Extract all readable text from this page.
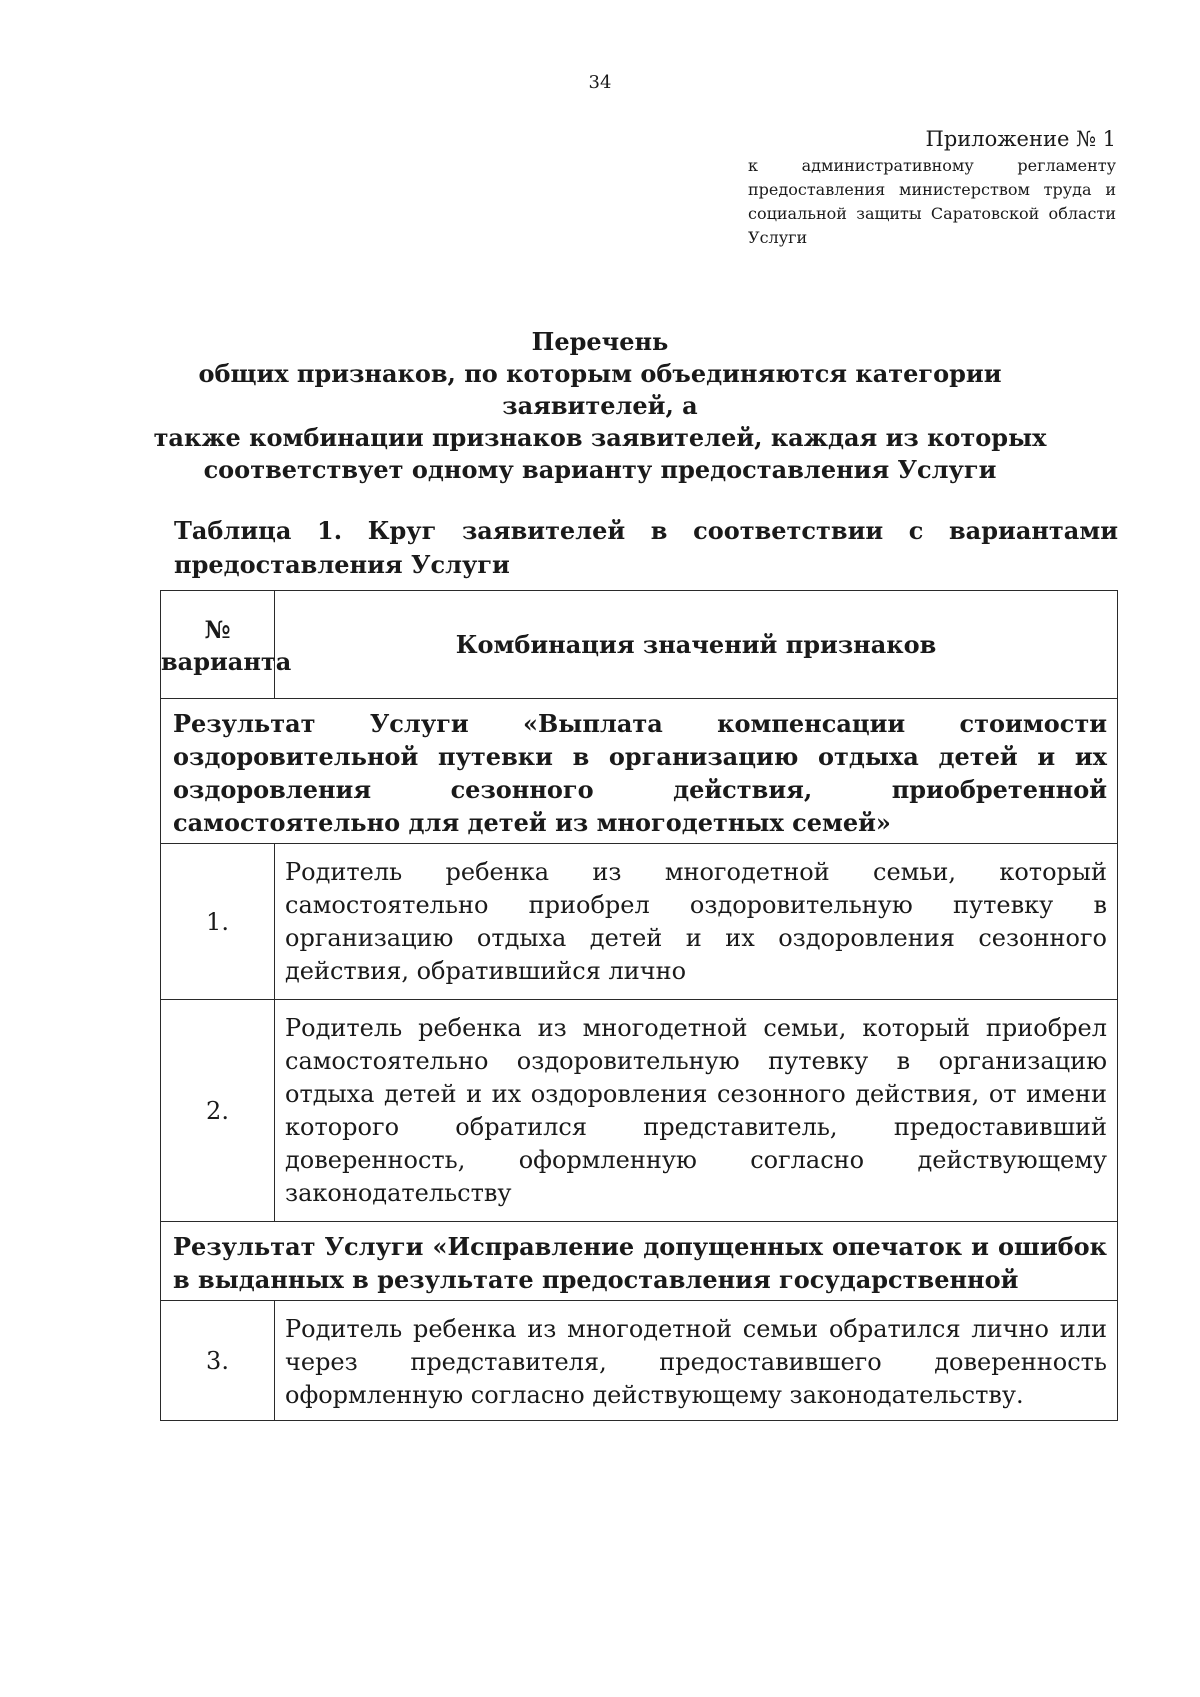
34
Приложение № 1
к административному регламенту
предоставления министерством труда и
социальной защиты Саратовской области
Услуги
Перечень
общих признаков, по которым объединяются категории заявителей, а
также комбинации признаков заявителей, каждая из которых
соответствует одному варианту предоставления Услуги
Таблица 1. Круг заявителей в соответствии с вариантами
предоставления Услуги
№ варианта	Комбинация значений признаков
Результат Услуги «Выплата компенсации стоимости оздоровительной путевки в организацию отдыха детей и их оздоровления сезонного действия, приобретенной самостоятельно для детей из многодетных семей»	
1.	Родитель ребенка из многодетной семьи, который самостоятельно приобрел оздоровительную путевку в организацию отдыха детей и их оздоровления сезонного действия, обратившийся лично
2.	Родитель ребенка из многодетной семьи, который приобрел самостоятельно оздоровительную путевку в организацию отдыха детей и их оздоровления сезонного действия, от имени которого обратился представитель, предоставивший доверенность, оформленную согласно действующему законодательству
Результат Услуги «Исправление допущенных опечаток и ошибок в выданных в результате предоставления государственной	
3.	Родитель ребенка из многодетной семьи обратился лично или через представителя, предоставившего доверенность оформленную согласно действующему законодательству.
